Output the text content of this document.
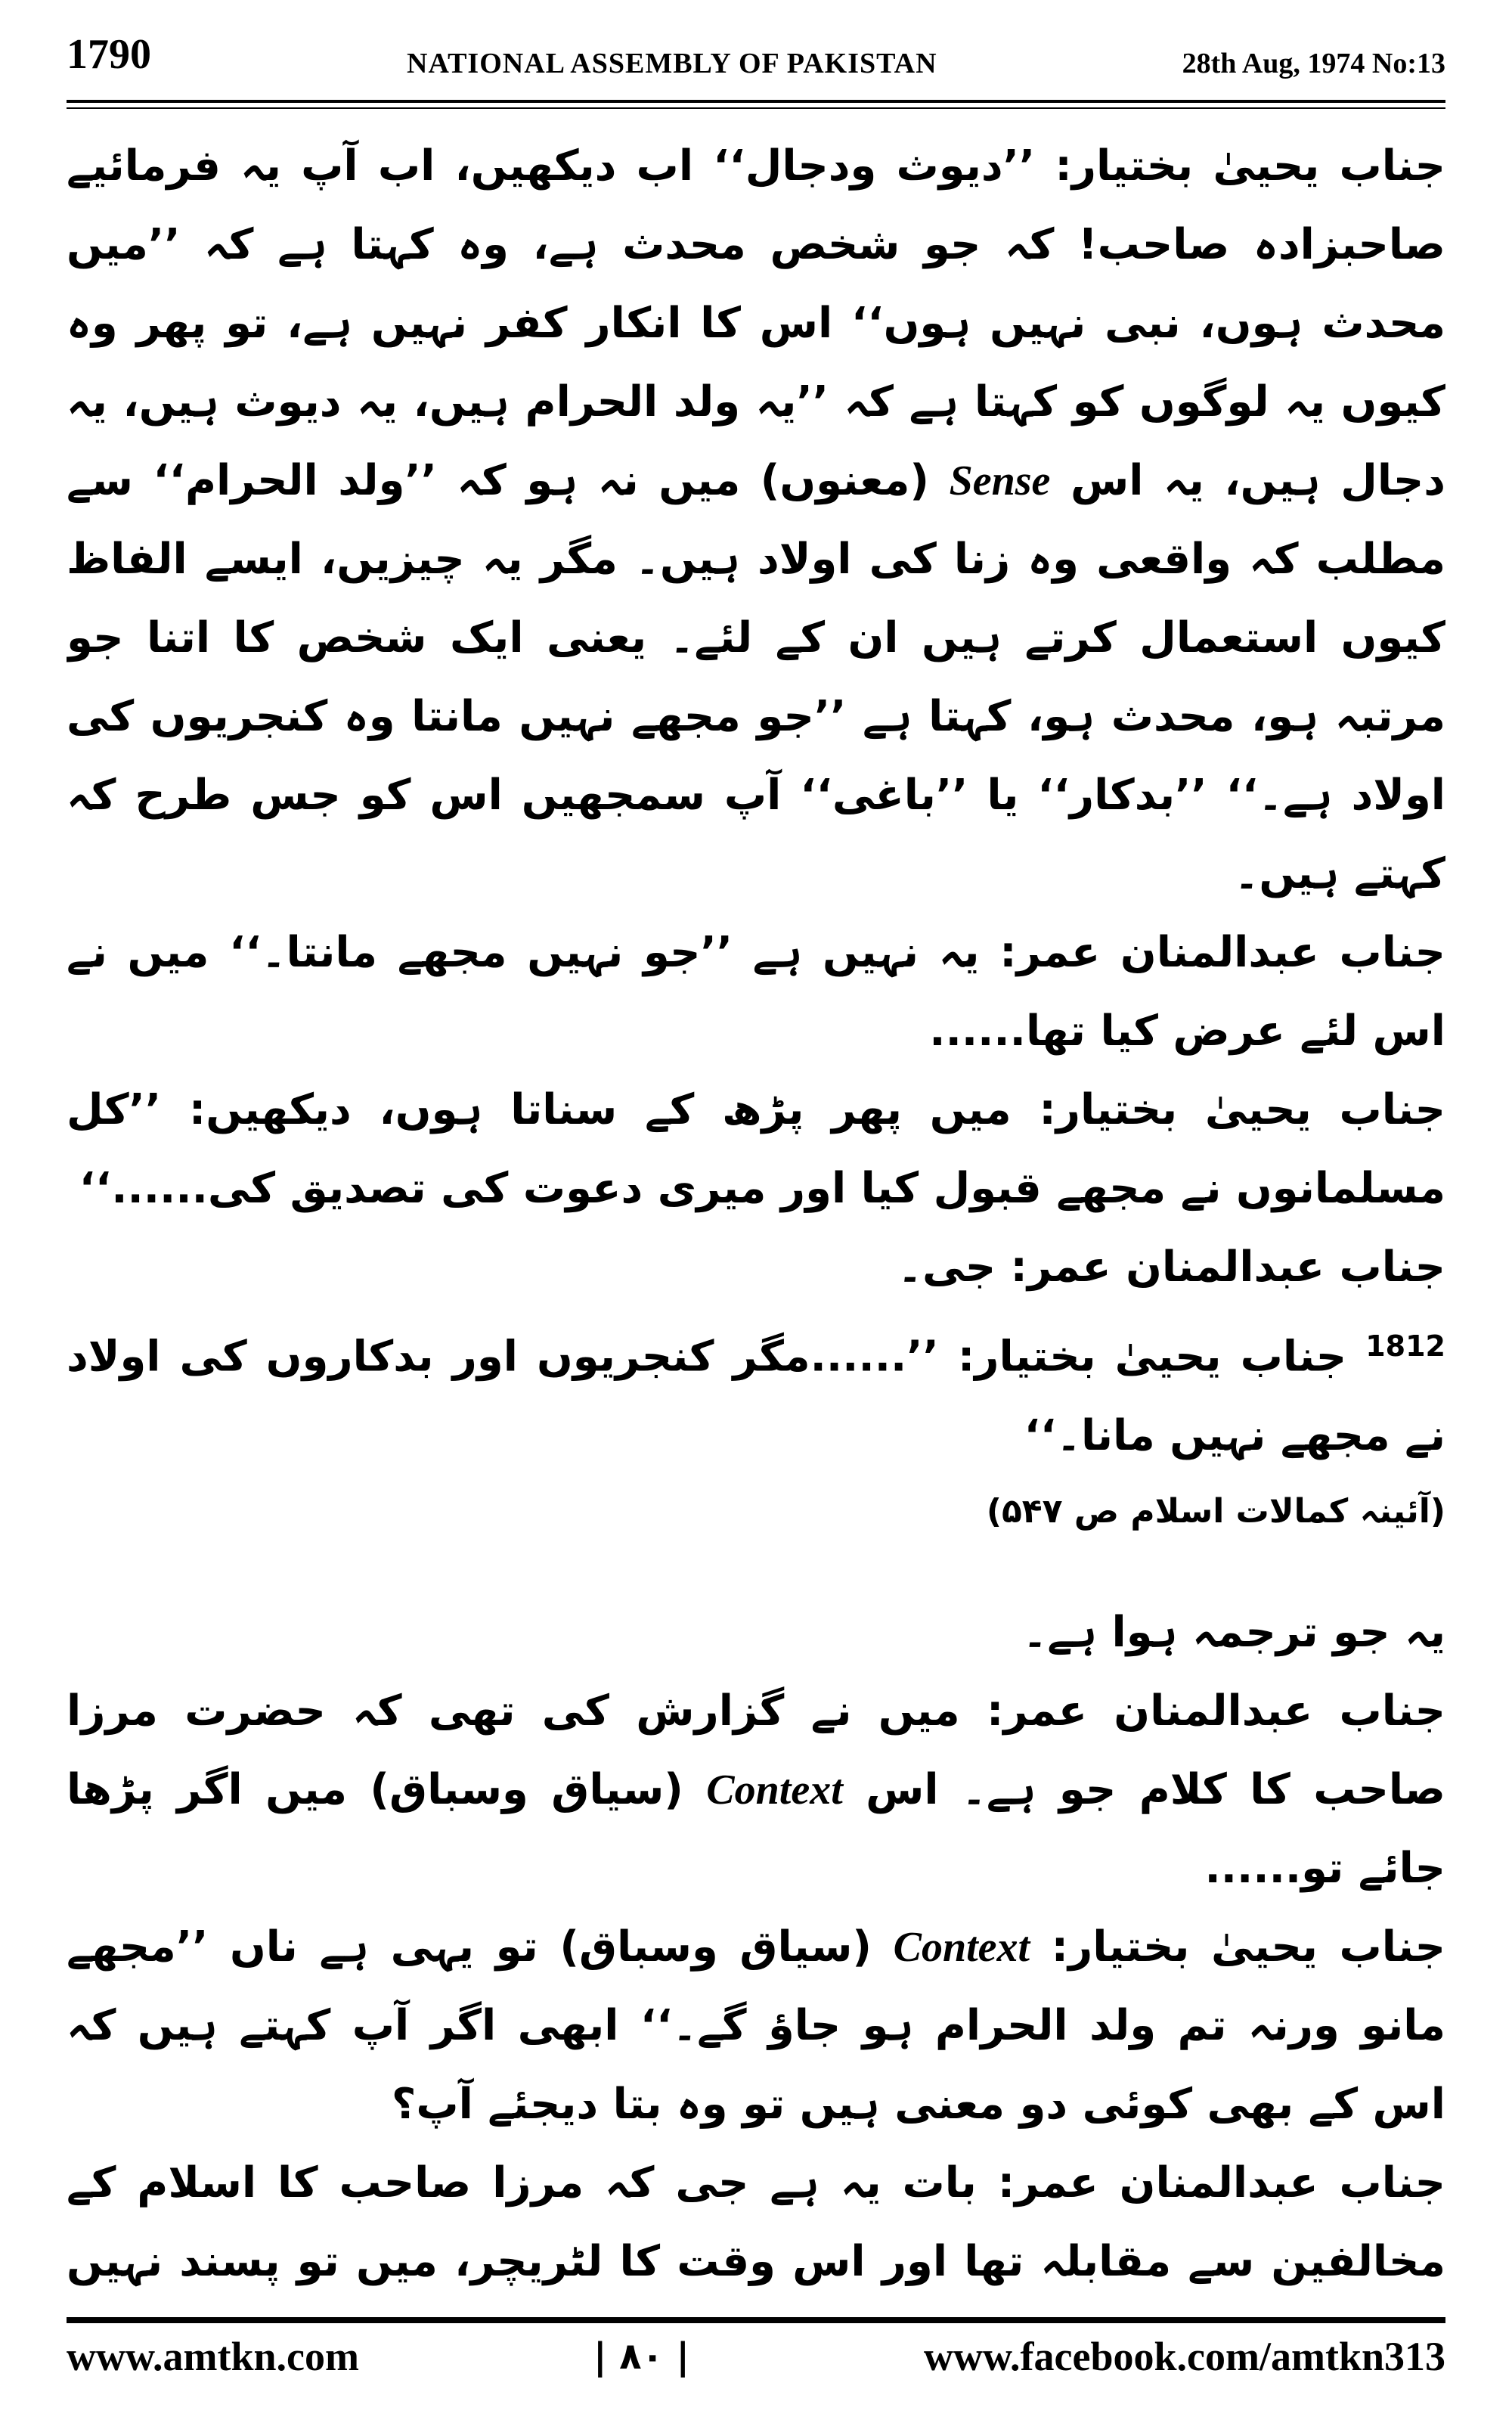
1790	NATIONAL ASSEMBLY OF PAKISTAN	28th Aug, 1974 No:13

جناب یحییٰ بختیار: ’’دیوث ودجال‘‘ اب دیکھیں، اب آپ یہ فرمائیے صاحبزادہ صاحب! کہ جو شخص محدث ہے، وہ کہتا ہے کہ ’’میں محدث ہوں، نبی نہیں ہوں‘‘ اس کا انکار کفر نہیں ہے، تو پھر وہ کیوں یہ لوگوں کو کہتا ہے کہ ’’یہ ولد الحرام ہیں، یہ دیوث ہیں، یہ دجال ہیں، یہ اس Sense (معنوں) میں نہ ہو کہ ’’ولد الحرام‘‘ سے مطلب کہ واقعی وہ زنا کی اولاد ہیں۔ مگر یہ چیزیں، ایسے الفاظ کیوں استعمال کرتے ہیں ان کے لئے۔ یعنی ایک شخص کا اتنا جو مرتبہ ہو، محدث ہو، کہتا ہے ’’جو مجھے نہیں مانتا وہ کنجریوں کی اولاد ہے۔‘‘ ’’بدکار‘‘ یا ’’باغی‘‘ آپ سمجھیں اس کو جس طرح کہ کہتے ہیں۔

جناب عبدالمنان عمر: یہ نہیں ہے ’’جو نہیں مجھے مانتا۔‘‘ میں نے اس لئے عرض کیا تھا......

جناب یحییٰ بختیار: میں پھر پڑھ کے سناتا ہوں، دیکھیں: ’’کل مسلمانوں نے مجھے قبول کیا اور میری دعوت کی تصدیق کی......‘‘

جناب عبدالمنان عمر: جی۔

1812 جناب یحییٰ بختیار: ’’......مگر کنجریوں اور بدکاروں کی اولاد نے مجھے نہیں مانا۔‘‘

(آئینہ کمالات اسلام ص ۵۴۷)

یہ جو ترجمہ ہوا ہے۔

جناب عبدالمنان عمر: میں نے گزارش کی تھی کہ حضرت مرزا صاحب کا کلام جو ہے۔ اس Context (سیاق وسباق) میں اگر پڑھا جائے تو......

جناب یحییٰ بختیار: Context (سیاق وسباق) تو یہی ہے ناں ’’مجھے مانو ورنہ تم ولد الحرام ہو جاؤ گے۔‘‘ ابھی اگر آپ کہتے ہیں کہ اس کے بھی کوئی دو معنی ہیں تو وہ بتا دیجئے آپ؟

جناب عبدالمنان عمر: بات یہ ہے جی کہ مرزا صاحب کا اسلام کے مخالفین سے مقابلہ تھا اور اس وقت کا لٹریچر، میں تو پسند نہیں

www.amtkn.com	| ۸۰ |	www.facebook.com/amtkn313
